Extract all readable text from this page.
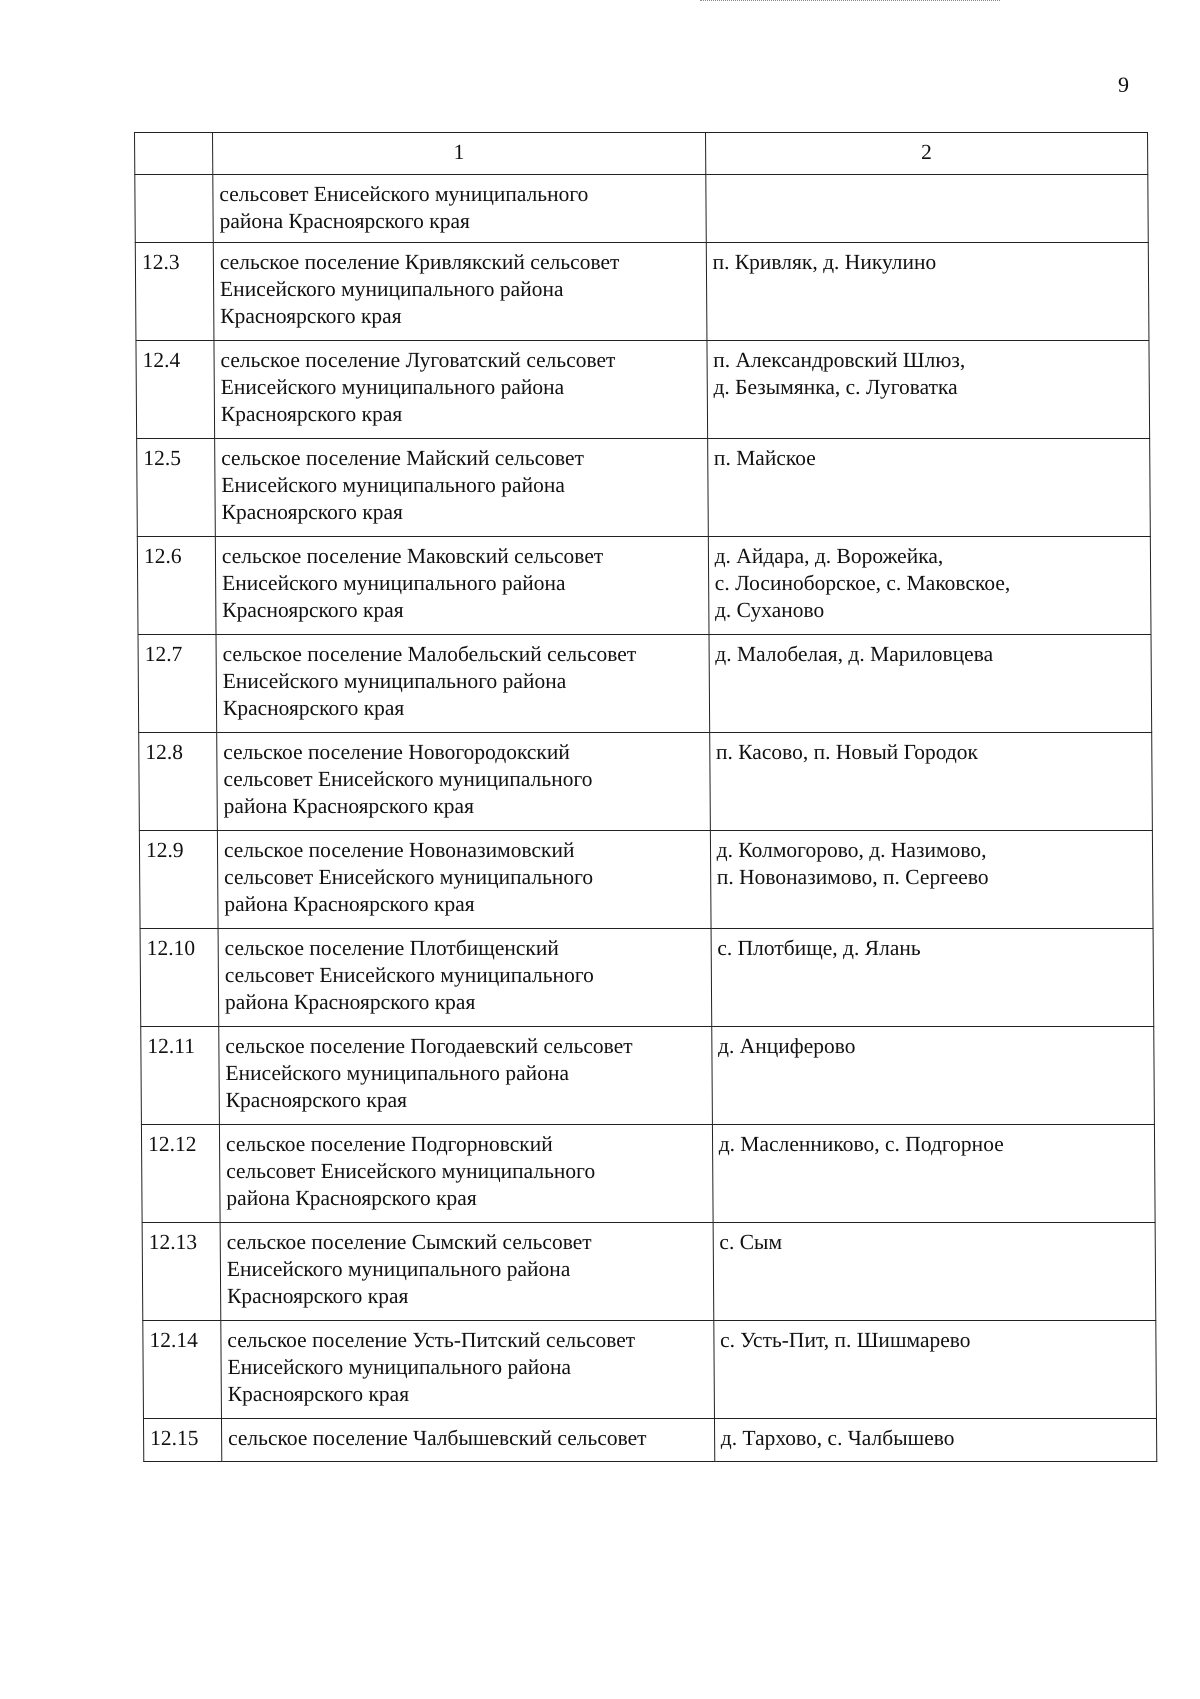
9
	1	2

	сельсовет Енисейского муниципального
района Красноярского края	

12.3	сельское поселение Кривлякский сельсовет
Енисейского муниципального района
Красноярского края	п. Кривляк, д. Никулино

12.4	сельское поселение Луговатский сельсовет
Енисейского муниципального района
Красноярского края	п. Александровский Шлюз,
д. Безымянка, с. Луговатка

12.5	сельское поселение Майский сельсовет
Енисейского муниципального района
Красноярского края	п. Майское

12.6	сельское поселение Маковский сельсовет
Енисейского муниципального района
Красноярского края	д. Айдара, д. Ворожейка,
с. Лосиноборское, с. Маковское,
д. Суханово

12.7	сельское поселение Малобельский сельсовет
Енисейского муниципального района
Красноярского края	д. Малобелая, д. Мариловцева

12.8	сельское поселение Новогородокский
сельсовет Енисейского муниципального
района Красноярского края	п. Касово, п. Новый Городок

12.9	сельское поселение Новоназимовский
сельсовет Енисейского муниципального
района Красноярского края	д. Колмогорово, д. Назимово,
п. Новоназимово, п. Сергеево

12.10	сельское поселение Плотбищенский
сельсовет Енисейского муниципального
района Красноярского края	с. Плотбище, д. Ялань

12.11	сельское поселение Погодаевский сельсовет
Енисейского муниципального района
Красноярского края	д. Анциферово

12.12	сельское поселение Подгорновский
сельсовет Енисейского муниципального
района Красноярского края	д. Масленниково, с. Подгорное

12.13	сельское поселение Сымский сельсовет
Енисейского муниципального района
Красноярского края	с. Сым

12.14	сельское поселение Усть-Питский сельсовет
Енисейского муниципального района
Красноярского края	с. Усть-Пит, п. Шишмарево

12.15	сельское поселение Чалбышевский сельсовет	д. Тархово, с. Чалбышево
